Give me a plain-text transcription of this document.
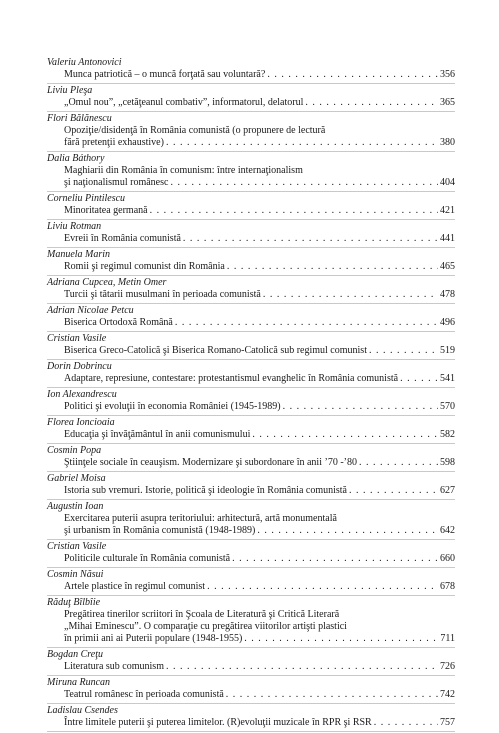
Valeriu Antonovici
Munca patriotică – o muncă forţată sau voluntară? . . .	356
Liviu Pleşa
„Omul nou”, „cetăţeanul combativ”, informatorul, delatorul . . .	365
Flori Bălănescu
Opoziţie/disidenţă în România comunistă (o propunere de lectură
fără pretenţii exhaustive) . . .	380
Dalia Báthory
Maghiarii din România în comunism: între internaţionalism
şi naţionalismul românesc . . .	404
Corneliu Pintilescu
Minoritatea germană . . .	421
Liviu Rotman
Evreii în România comunistă . . .	441
Manuela Marin
Romii şi regimul comunist din România . . .	465
Adriana Cupcea, Metin Omer
Turcii şi tătarii musulmani în perioada comunistă . . .	478
Adrian Nicolae Petcu
Biserica Ortodoxă Română . . .	496
Cristian Vasile
Biserica Greco-Catolică şi Biserica Romano-Catolică sub regimul comunist . . .	519
Dorin Dobrincu
Adaptare, represiune, contestare: protestantismul evanghelic în România comunistă . . .	541
Ion Alexandrescu
Politici şi evoluţii în economia României (1945-1989) . . .	570
Florea Ioncioaia
Educaţia şi învăţământul în anii comunismului . . .	582
Cosmin Popa
Ştiinţele sociale în ceauşism. Modernizare şi subordonare în anii ’70 -’80 . . .	598
Gabriel Moisa
Istoria sub vremuri. Istorie, politică şi ideologie în România comunistă . . .	627
Augustin Ioan
Exercitarea puterii asupra teritoriului: arhitectură, artă monumentală
şi urbanism în România comunistă (1948-1989) . . .	642
Cristian Vasile
Politicile culturale în România comunistă . . .	660
Cosmin Năsui
Artele plastice în regimul comunist . . .	678
Răduţ Bîlbîie
Pregătirea tinerilor scriitori în Şcoala de Literatură şi Critică Literară
„Mihai Eminescu”. O comparaţie cu pregătirea viitorilor artişti plastici
în primii ani ai Puterii populare (1948-1955) . . .	711
Bogdan Creţu
Literatura sub comunism . . .	726
Miruna Runcan
Teatrul românesc în perioada comunistă . . .	742
Ladislau Csendes
Între limitele puterii şi puterea limitelor. (R)evoluţii muzicale în RPR şi RSR . . .	757
